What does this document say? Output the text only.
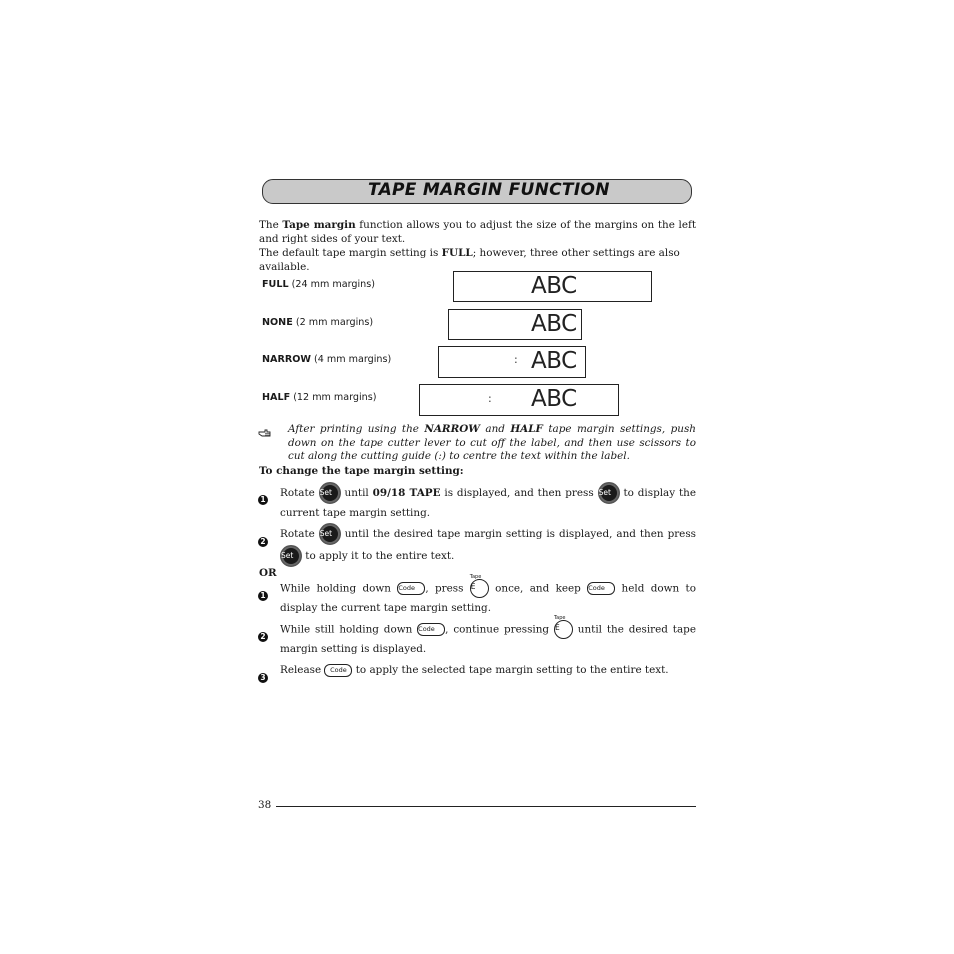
TAPE MARGIN FUNCTION
The Tape margin function allows you to adjust the size of the margins on the left and right sides of your text.
The default tape margin setting is FULL; however, three other settings are also available.
FULL (24 mm margins)	ABC
NONE (2 mm margins)	ABC
NARROW (4 mm margins)	: ABC
HALF (12 mm margins)	: ABC
After printing using the NARROW and HALF tape margin settings, push down on the tape cutter lever to cut off the label, and then use scissors to cut along the cutting guide (:) to centre the text within the label.
To change the tape margin setting:
1
Rotate Set until 09/18 TAPE is displayed, and then press Set to display the current tape margin setting.
2
Rotate Set until the desired tape margin setting is displayed, and then press Set to apply it to the entire text.
OR
1
While holding down Code , press
Tape
E once, and keep Code held down to display the current tape margin setting.
2
While still holding down Code , continue pressing
Tape
E until the desired tape margin setting is displayed.
3
Release Code to apply the selected tape margin setting to the entire text.
38
